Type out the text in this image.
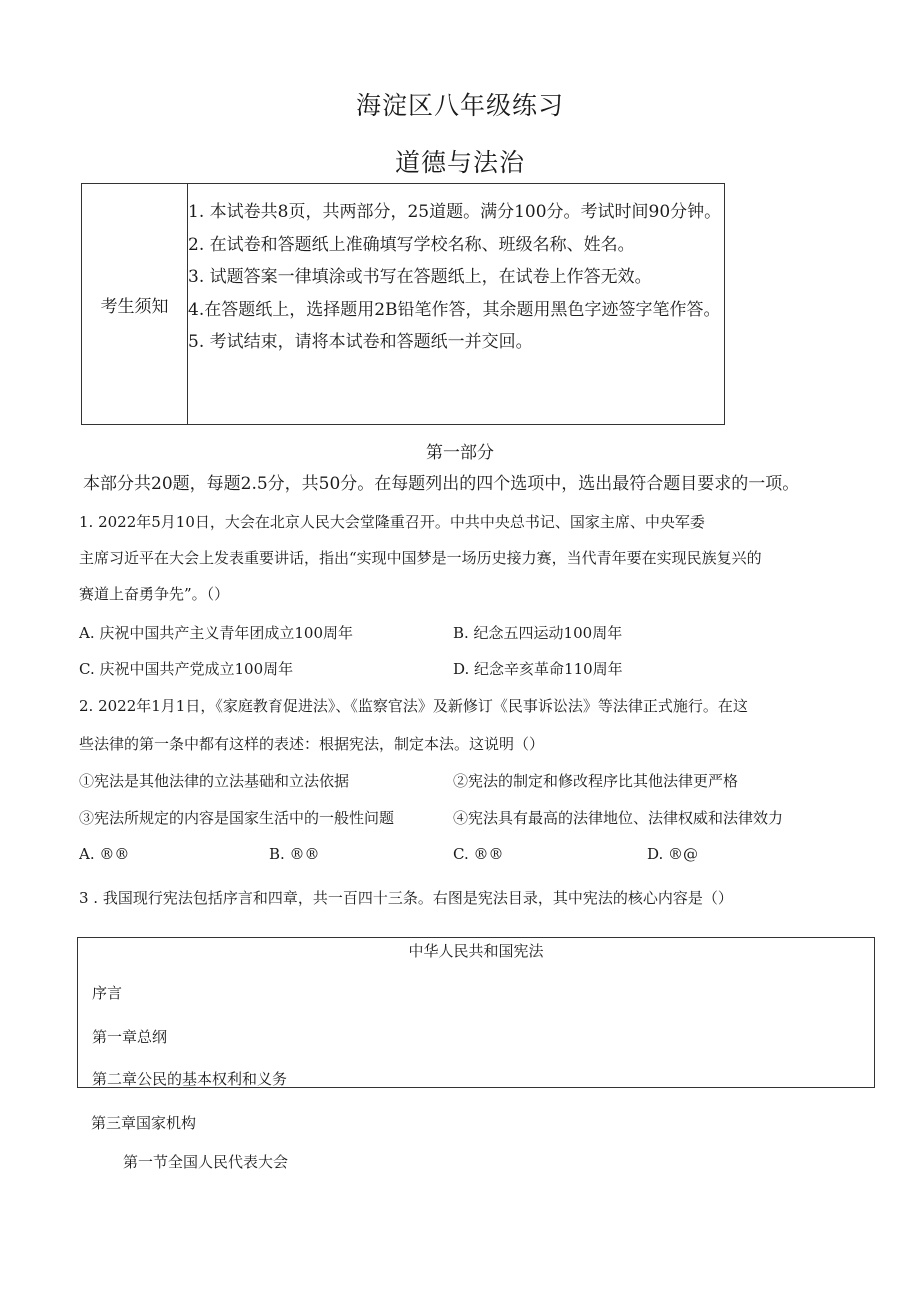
海淀区八年级练习
道德与法治
考生须知
1. 本试卷共8页，共两部分，25道题。满分100分。考试时间90分钟。
2. 在试卷和答题纸上准确填写学校名称、班级名称、姓名。
3. 试题答案一律填涂或书写在答题纸上，在试卷上作答无效。
4.在答题纸上，选择题用2B铅笔作答，其余题用黑色字迹签字笔作答。
5. 考试结束，请将本试卷和答题纸一并交回。
第一部分
本部分共20题，每题2.5分，共50分。在每题列出的四个选项中，选出最符合题目要求的一项。
1. 2022年5月10日，大会在北京人民大会堂隆重召开。中共中央总书记、国家主席、中央军委
主席习近平在大会上发表重要讲话，指出“实现中国梦是一场历史接力赛，当代青年要在实现民族复兴的
赛道上奋勇争先”。（）
A. 庆祝中国共产主义青年团成立100周年	B. 纪念五四运动100周年
C. 庆祝中国共产党成立100周年	D. 纪念辛亥革命110周年
2. 2022年1月1日，《家庭教育促进法》、《监察官法》及新修订《民事诉讼法》等法律正式施行。在这
些法律的第一条中都有这样的表述：根据宪法，制定本法。这说明（）
①宪法是其他法律的立法基础和立法依据	②宪法的制定和修改程序比其他法律更严格
③宪法所规定的内容是国家生活中的一般性问题	④宪法具有最高的法律地位、法律权威和法律效力
A. ®®	B. ®®	C. ®®	D. ®@
3 . 我国现行宪法包括序言和四章，共一百四十三条。右图是宪法目录，其中宪法的核心内容是（）
中华人民共和国宪法
序言
第一章总纲
第二章公民的基本权利和义务
第三章国家机构
第一节全国人民代表大会
